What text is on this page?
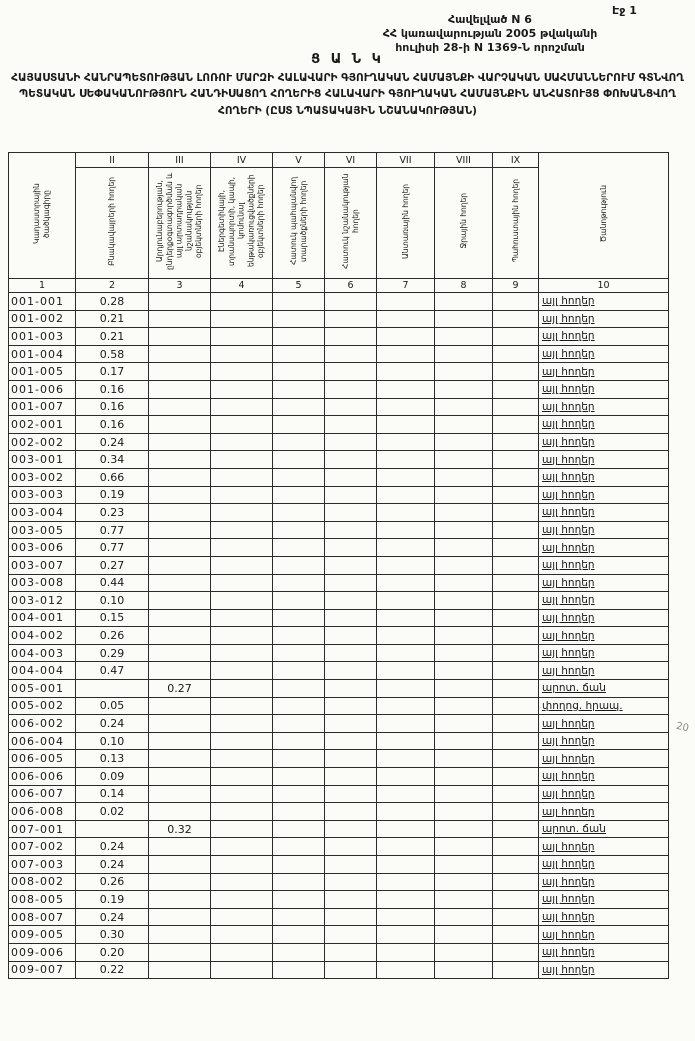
Էջ 1
Հավելված N 6
ՀՀ կառավարության 2005 թվականի
հուլիսի 28-ի N 1369-Ն որոշման
Ց Ա Ն Կ
ՀԱՅԱՍՏԱՆԻ ՀԱՆՐԱՊԵՏՈՒԹՅԱՆ ԼՈՌՈՒ ՄԱՐԶԻ ՀԱԼԱՎԱՐԻ ԳՅՈՒՂԱԿԱՆ ՀԱՄԱՅՆՔԻ ՎԱՐՉԱԿԱՆ ՍԱՀՄԱՆՆԵՐՈՒՄ ԳՏՆՎՈՂ ՊԵՏԱԿԱՆ ՍԵՓԱԿԱՆՈՒԹՅՈՒՆ ՀԱՆԴԻՍԱՑՈՂ ՀՈՂԵՐԻՑ ՀԱԼԱՎԱՐԻ ԳՅՈՒՂԱԿԱՆ ՀԱՄԱՅՆՔԻՆ ԱՆՀԱՏՈՒՅՑ ՓՈԽԱՆՑՎՈՂ ՀՈՂԵՐԻ (ԸՍՏ ՆՊԱՏԱԿԱՅԻՆ ՆՇԱՆԱԿՈՒԹՅԱՆ)
Կադաստրային ծածկագիրը	II	III	IV	V	VI	VII	VIII	IX	Ծանոթություն
	Բնակավայրերի հողեր	Արդյունաբերության, ընդերքօգտագործման և այլ արտադրական նշանակության օբյեկտների հողեր	Էներգետիկայի, տրանսպորտի, կապի, կոմունալ ենթակառուցվածքների օբյեկտների հողեր	Հատուկ պահպանվող տարածքների հողեր	Հատուկ նշանակության հողեր	Անտառային հողեր	Ջրային հողեր	Պահուստային հողեր	
1	2	3	4	5	6	7	8	9	10
001-001	0.28								այլ հողեր
001-002	0.21								այլ հողեր
001-003	0.21								այլ հողեր
001-004	0.58								այլ հողեր
001-005	0.17								այլ հողեր
001-006	0.16								այլ հողեր
001-007	0.16								այլ հողեր
002-001	0.16								այլ հողեր
002-002	0.24								այլ հողեր
003-001	0.34								այլ հողեր
003-002	0.66								այլ հողեր
003-003	0.19								այլ հողեր
003-004	0.23								այլ հողեր
003-005	0.77								այլ հողեր
003-006	0.77								այլ հողեր
003-007	0.27								այլ հողեր
003-008	0.44								այլ հողեր
003-012	0.10								այլ հողեր
004-001	0.15								այլ հողեր
004-002	0.26								այլ հողեր
004-003	0.29								այլ հողեր
004-004	0.47								այլ հողեր
005-001		0.27							արոտ. ճան
005-002	0.05								փողոց. հրապ.
006-002	0.24								այլ հողեր
006-004	0.10								այլ հողեր
006-005	0.13								այլ հողեր
006-006	0.09								այլ հողեր
006-007	0.14								այլ հողեր
006-008	0.02								այլ հողեր
007-001		0.32							արոտ. ճան
007-002	0.24								այլ հողեր
007-003	0.24								այլ հողեր
008-002	0.26								այլ հողեր
008-005	0.19								այլ հողեր
008-007	0.24								այլ հողեր
009-005	0.30								այլ հողեր
009-006	0.20								այլ հողեր
009-007	0.22								այլ հողեր
20
